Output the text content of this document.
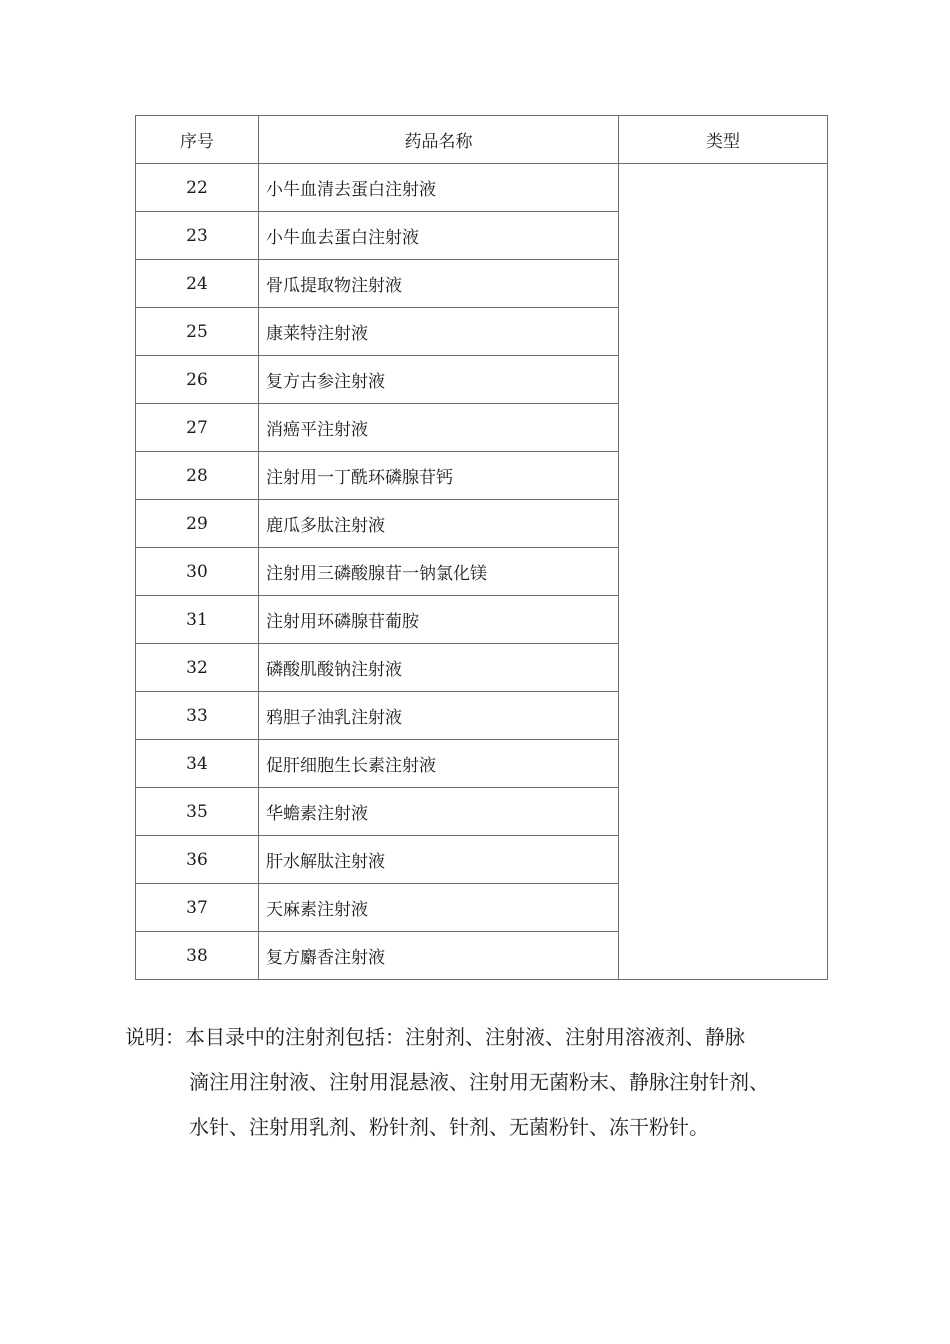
序号	药品名称	类型
22	小牛血清去蛋白注射液	
23	小牛血去蛋白注射液	
24	骨瓜提取物注射液	
25	康莱特注射液	
26	复方古参注射液	
27	消癌平注射液	
28	注射用一丁酰环磷腺苷钙	
29	鹿瓜多肽注射液	
30	注射用三磷酸腺苷一钠氯化镁	
31	注射用环磷腺苷葡胺	
32	磷酸肌酸钠注射液	
33	鸦胆子油乳注射液	
34	促肝细胞生长素注射液	
35	华蟾素注射液	
36	肝水解肽注射液	
37	天麻素注射液	
38	复方麝香注射液	
说明：本目录中的注射剂包括：注射剂、注射液、注射用溶液剂、静脉
滴注用注射液、注射用混悬液、注射用无菌粉末、静脉注射针剂、
水针、注射用乳剂、粉针剂、针剂、无菌粉针、冻干粉针。
